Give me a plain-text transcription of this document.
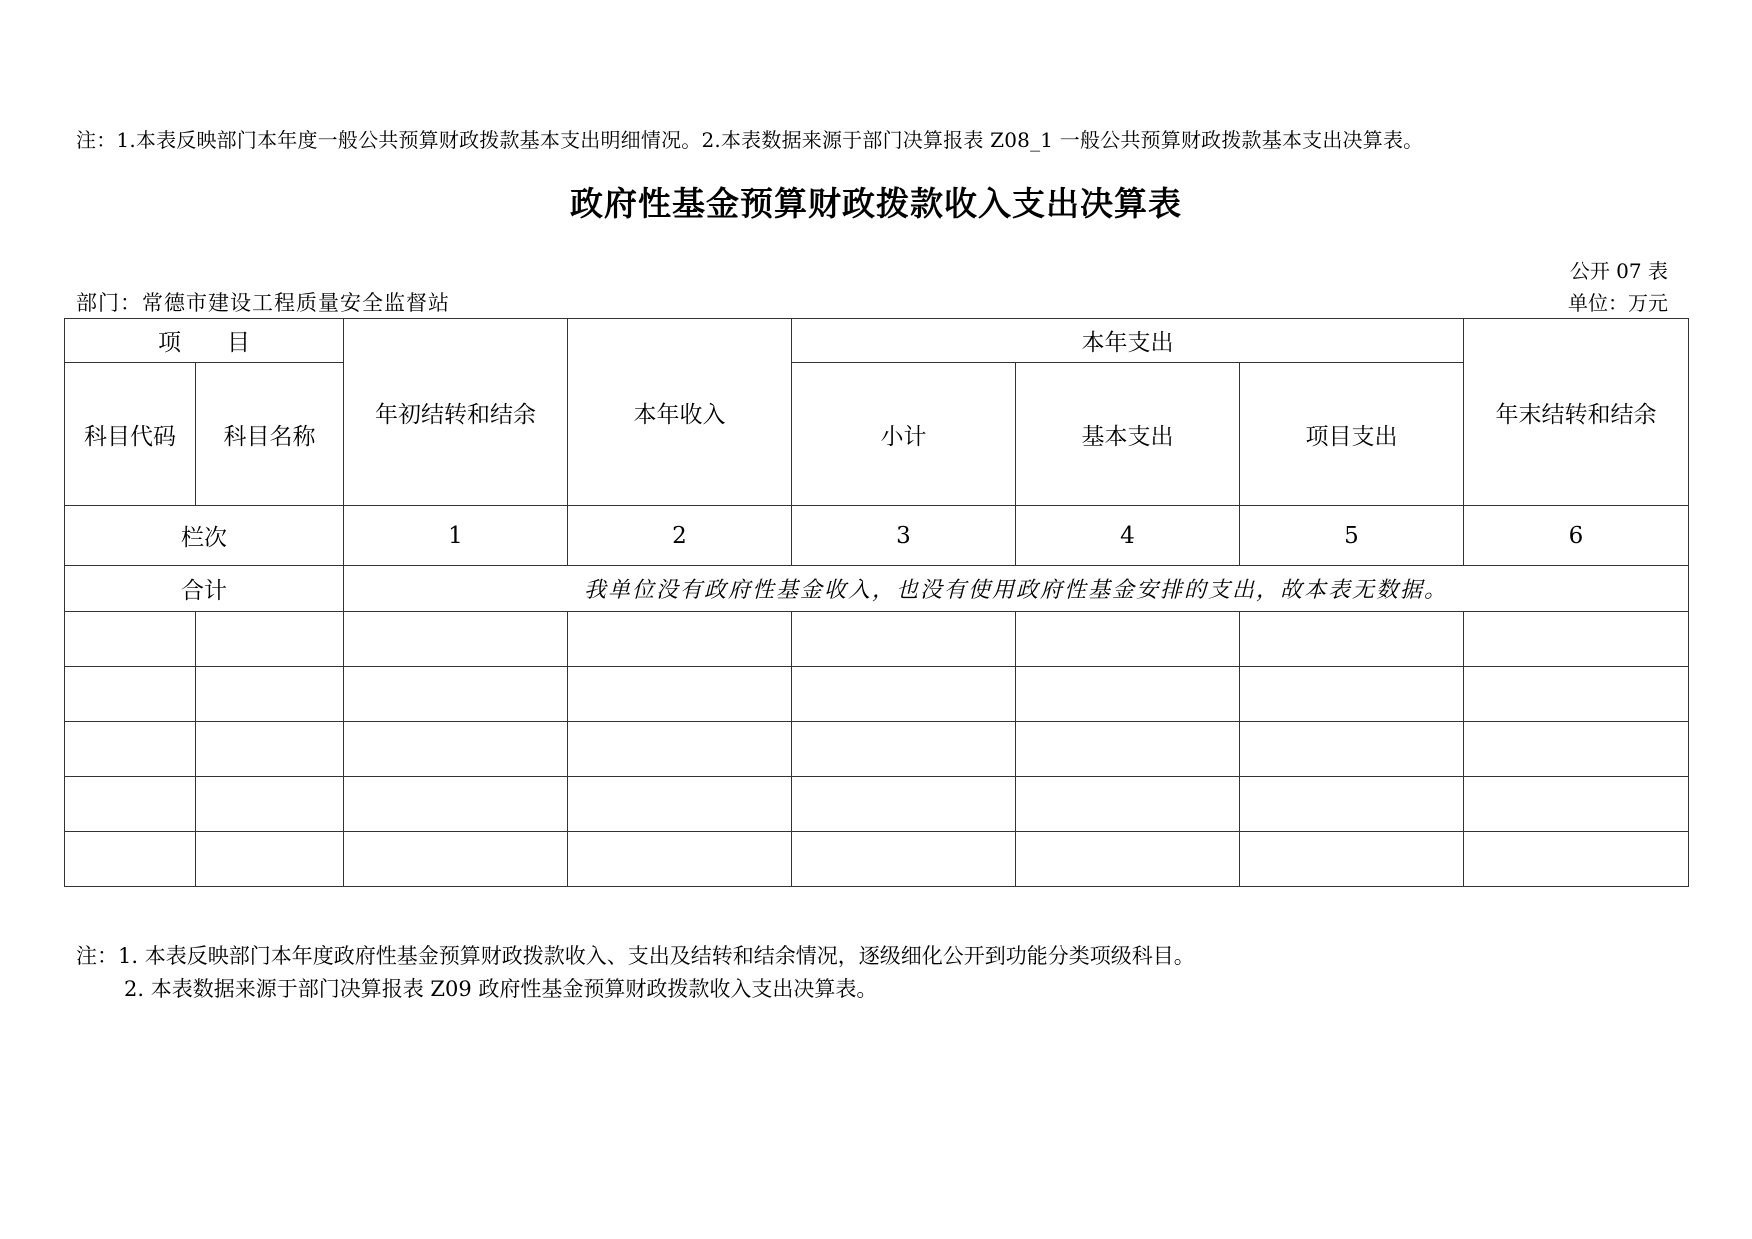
注：1.本表反映部门本年度一般公共预算财政拨款基本支出明细情况。2.本表数据来源于部门决算报表 Z08_1 一般公共预算财政拨款基本支出决算表。
政府性基金预算财政拨款收入支出决算表
公开 07 表
部门：常德市建设工程质量安全监督站	单位：万元
项　　目		年初结转和结余	本年收入	本年支出			年末结转和结余
科目代码	科目名称			小计	基本支出	项目支出	
栏次		1	2	3	4	5	6
合计		我单位没有政府性基金收入，也没有使用政府性基金安排的支出，故本表无数据。					

注：1. 本表反映部门本年度政府性基金预算财政拨款收入、支出及结转和结余情况，逐级细化公开到功能分类项级科目。
2. 本表数据来源于部门决算报表 Z09 政府性基金预算财政拨款收入支出决算表。
